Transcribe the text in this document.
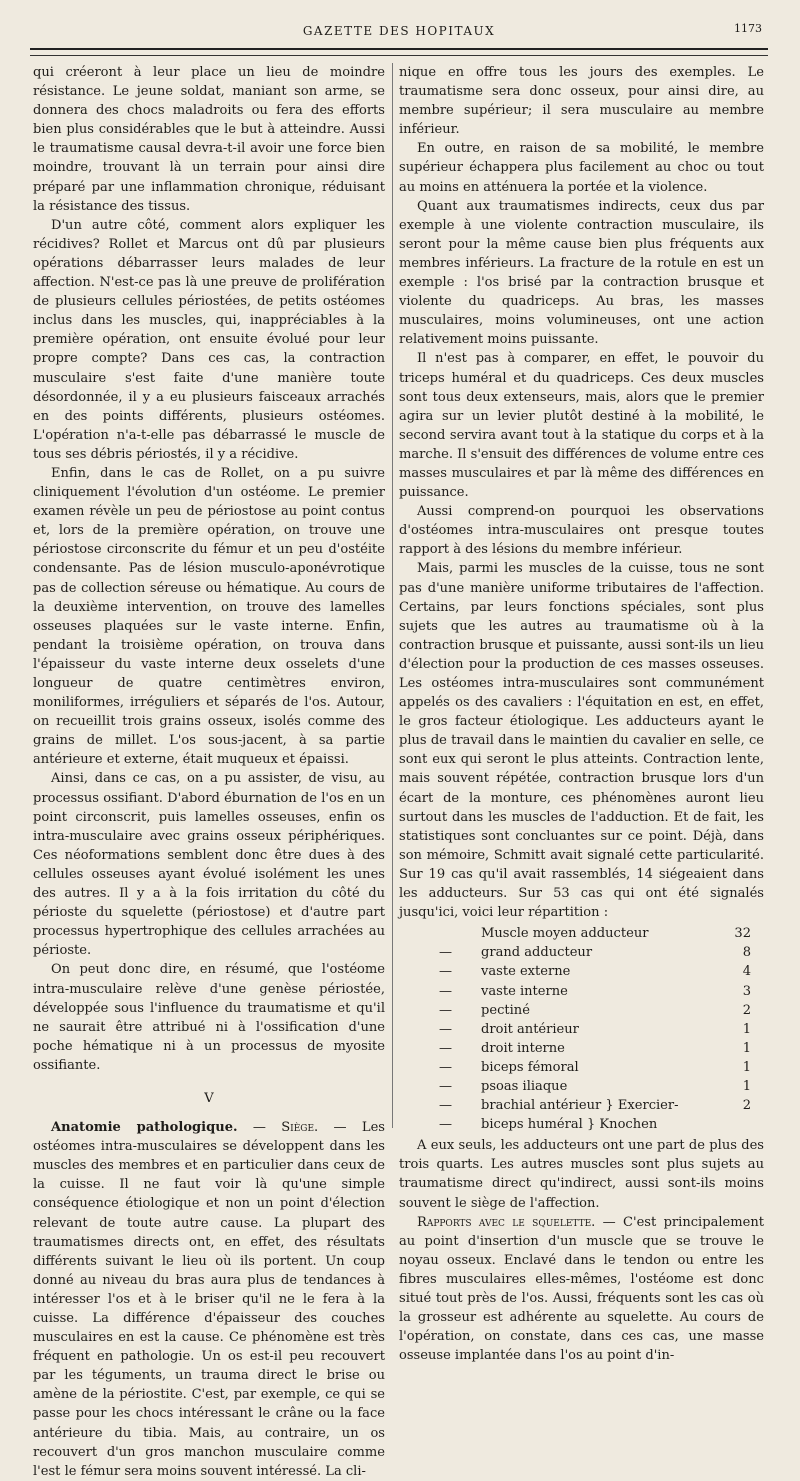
GAZETTE DES HOPITAUX	1173

qui créeront à leur place un lieu de moindre résistance. Le jeune soldat, maniant son arme, se donnera des chocs maladroits ou fera des efforts bien plus considérables que le but à atteindre. Aussi le traumatisme causal devra-t-il avoir une force bien moindre, trouvant là un terrain pour ainsi dire préparé par une inflammation chronique, réduisant la résistance des tissus.

D'un autre côté, comment alors expliquer les récidives? Rollet et Marcus ont dû par plusieurs opérations débarrasser leurs malades de leur affection. N'est-ce pas là une preuve de prolifération de plusieurs cellules périostées, de petits ostéomes inclus dans les muscles, qui, inappréciables à la première opération, ont ensuite évolué pour leur propre compte? Dans ces cas, la contraction musculaire s'est faite d'une manière toute désordonnée, il y a eu plusieurs faisceaux arrachés en des points différents, plusieurs ostéomes. L'opération n'a-t-elle pas débarrassé le muscle de tous ses débris périostés, il y a récidive.

Enfin, dans le cas de Rollet, on a pu suivre cliniquement l'évolution d'un ostéome. Le premier examen révèle un peu de périostose au point contus et, lors de la première opération, on trouve une périostose circonscrite du fémur et un peu d'ostéite condensante. Pas de lésion musculo-aponévrotique pas de collection séreuse ou hématique. Au cours de la deuxième intervention, on trouve des lamelles osseuses plaquées sur le vaste interne. Enfin, pendant la troisième opération, on trouva dans l'épaisseur du vaste interne deux osselets d'une longueur de quatre centimètres environ, moniliformes, irréguliers et séparés de l'os. Autour, on recueillit trois grains osseux, isolés comme des grains de millet. L'os sous-jacent, à sa partie antérieure et externe, était muqueux et épaissi.

Ainsi, dans ce cas, on a pu assister, de visu, au processus ossifiant. D'abord éburnation de l'os en un point circonscrit, puis lamelles osseuses, enfin os intra-musculaire avec grains osseux périphériques. Ces néoformations semblent donc être dues à des cellules osseuses ayant évolué isolément les unes des autres. Il y a à la fois irritation du côté du périoste du squelette (périostose) et d'autre part processus hypertrophique des cellules arrachées au périoste.

On peut donc dire, en résumé, que l'ostéome intra-musculaire relève d'une genèse périostée, développée sous l'influence du traumatisme et qu'il ne saurait être attribué ni à l'ossification d'une poche hématique ni à un processus de myosite ossifiante.

V

Anatomie pathologique. — Siège. — Les ostéomes intra-musculaires se développent dans les muscles des membres et en particulier dans ceux de la cuisse. Il ne faut voir là qu'une simple conséquence étiologique et non un point d'élection relevant de toute autre cause. La plupart des traumatismes directs ont, en effet, des résultats différents suivant le lieu où ils portent. Un coup donné au niveau du bras aura plus de tendances à intéresser l'os et à le briser qu'il ne le fera à la cuisse. La différence d'épaisseur des couches musculaires en est la cause. Ce phénomène est très fréquent en pathologie. Un os est-il peu recouvert par les téguments, un trauma direct le brise ou amène de la périostite. C'est, par exemple, ce qui se passe pour les chocs intéressant le crâne ou la face antérieure du tibia. Mais, au contraire, un os recouvert d'un gros manchon musculaire comme l'est le fémur sera moins souvent intéressé. La cli-

nique en offre tous les jours des exemples. Le traumatisme sera donc osseux, pour ainsi dire, au membre supérieur; il sera musculaire au membre inférieur.

En outre, en raison de sa mobilité, le membre supérieur échappera plus facilement au choc ou tout au moins en atténuera la portée et la violence.

Quant aux traumatismes indirects, ceux dus par exemple à une violente contraction musculaire, ils seront pour la même cause bien plus fréquents aux membres inférieurs. La fracture de la rotule en est un exemple : l'os brisé par la contraction brusque et violente du quadriceps. Au bras, les masses musculaires, moins volumineuses, ont une action relativement moins puissante.

Il n'est pas à comparer, en effet, le pouvoir du triceps huméral et du quadriceps. Ces deux muscles sont tous deux extenseurs, mais, alors que le premier agira sur un levier plutôt destiné à la mobilité, le second servira avant tout à la statique du corps et à la marche. Il s'ensuit des différences de volume entre ces masses musculaires et par là même des différences en puissance.

Aussi comprend-on pourquoi les observations d'ostéomes intra-musculaires ont presque toutes rapport à des lésions du membre inférieur.

Mais, parmi les muscles de la cuisse, tous ne sont pas d'une manière uniforme tributaires de l'affection. Certains, par leurs fonctions spéciales, sont plus sujets que les autres au traumatisme où à la contraction brusque et puissante, aussi sont-ils un lieu d'élection pour la production de ces masses osseuses. Les ostéomes intra-musculaires sont communément appelés os des cavaliers : l'équitation en est, en effet, le gros facteur étiologique. Les adducteurs ayant le plus de travail dans le maintien du cavalier en selle, ce sont eux qui seront le plus atteints. Contraction lente, mais souvent répétée, contraction brusque lors d'un écart de la monture, ces phénomènes auront lieu surtout dans les muscles de l'adduction. Et de fait, les statistiques sont concluantes sur ce point. Déjà, dans son mémoire, Schmitt avait signalé cette particularité. Sur 19 cas qu'il avait rassemblés, 14 siégeaient dans les adducteurs. Sur 53 cas qui ont été signalés jusqu'ici, voici leur répartition :

	Muscle moyen adducteur	32
—	grand adducteur	8
—	vaste externe	4
—	vaste interne	3
—	pectiné	2
—	droit antérieur	1
—	droit interne	1
—	biceps fémoral	1
—	psoas iliaque	1
—	brachial antérieur } Exercier-	2
—	biceps huméral } Knochen	

A eux seuls, les adducteurs ont une part de plus des trois quarts. Les autres muscles sont plus sujets au traumatisme direct qu'indirect, aussi sont-ils moins souvent le siège de l'affection.

Rapports avec le squelette. — C'est principalement au point d'insertion d'un muscle que se trouve le noyau osseux. Enclavé dans le tendon ou entre les fibres musculaires elles-mêmes, l'ostéome est donc situé tout près de l'os. Aussi, fréquents sont les cas où la grosseur est adhérente au squelette. Au cours de l'opération, on constate, dans ces cas, une masse osseuse implantée dans l'os au point d'in-
